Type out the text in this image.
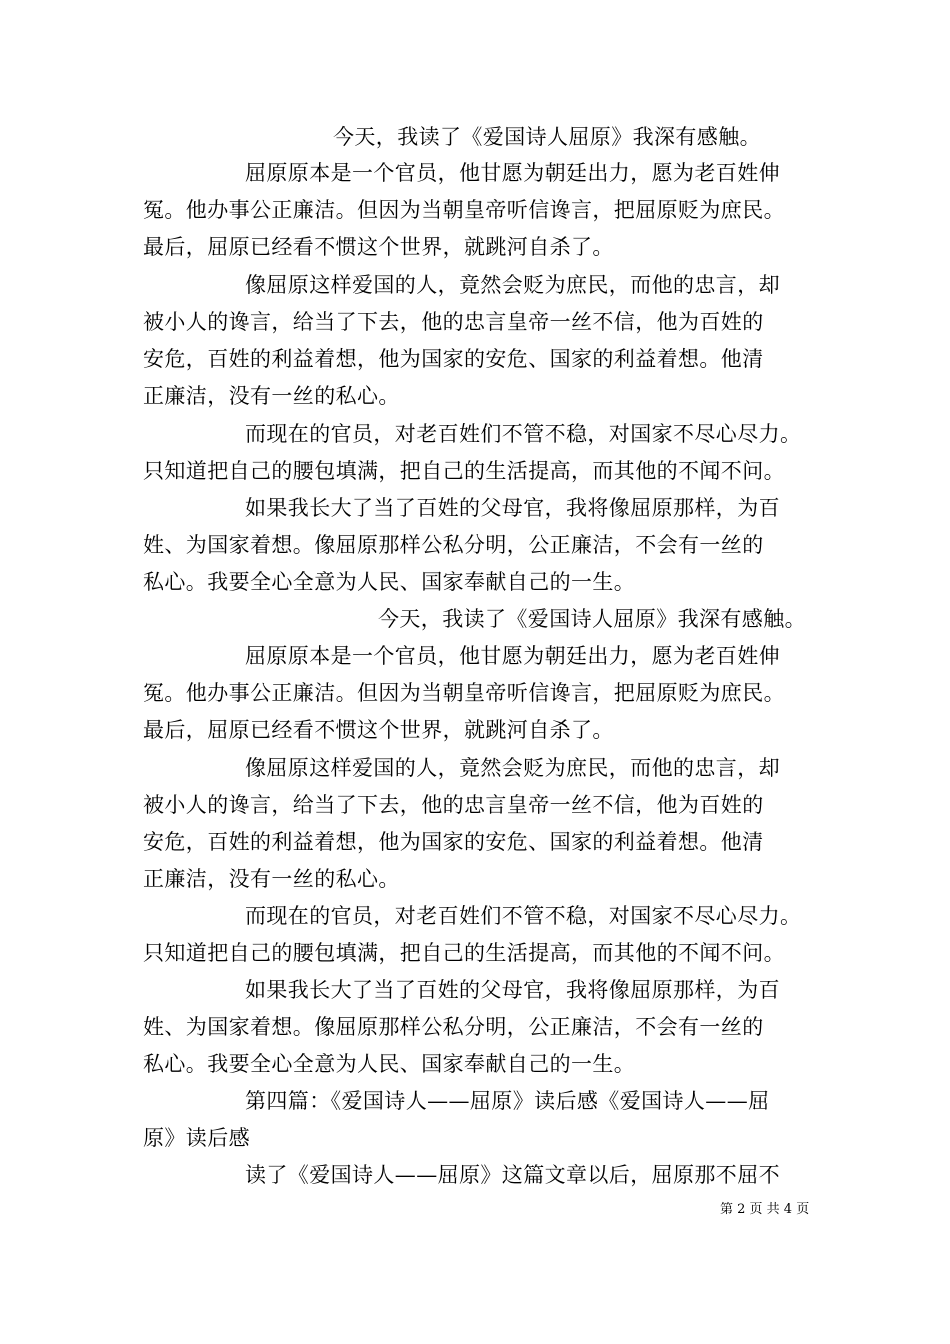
今天，我读了《爱国诗人屈原》我深有感触。
屈原原本是一个官员，他甘愿为朝廷出力，愿为老百姓伸
冤。他办事公正廉洁。但因为当朝皇帝听信谗言，把屈原贬为庶民。
最后，屈原已经看不惯这个世界，就跳河自杀了。
像屈原这样爱国的人，竟然会贬为庶民，而他的忠言，却
被小人的谗言，给当了下去，他的忠言皇帝一丝不信，他为百姓的
安危，百姓的利益着想，他为国家的安危、国家的利益着想。他清
正廉洁，没有一丝的私心。
而现在的官员，对老百姓们不管不稳，对国家不尽心尽力。
只知道把自己的腰包填满，把自己的生活提高，而其他的不闻不问。
如果我长大了当了百姓的父母官，我将像屈原那样，为百
姓、为国家着想。像屈原那样公私分明，公正廉洁，不会有一丝的
私心。我要全心全意为人民、国家奉献自己的一生。
今天，我读了《爱国诗人屈原》我深有感触。
屈原原本是一个官员，他甘愿为朝廷出力，愿为老百姓伸
冤。他办事公正廉洁。但因为当朝皇帝听信谗言，把屈原贬为庶民。
最后，屈原已经看不惯这个世界，就跳河自杀了。
像屈原这样爱国的人，竟然会贬为庶民，而他的忠言，却
被小人的谗言，给当了下去，他的忠言皇帝一丝不信，他为百姓的
安危，百姓的利益着想，他为国家的安危、国家的利益着想。他清
正廉洁，没有一丝的私心。
而现在的官员，对老百姓们不管不稳，对国家不尽心尽力。
只知道把自己的腰包填满，把自己的生活提高，而其他的不闻不问。
如果我长大了当了百姓的父母官，我将像屈原那样，为百
姓、为国家着想。像屈原那样公私分明，公正廉洁，不会有一丝的
私心。我要全心全意为人民、国家奉献自己的一生。
第四篇：《爱国诗人——屈原》读后感《爱国诗人——屈
原》读后感
读了《爱国诗人——屈原》这篇文章以后，屈原那不屈不
第 2 页 共 4 页
